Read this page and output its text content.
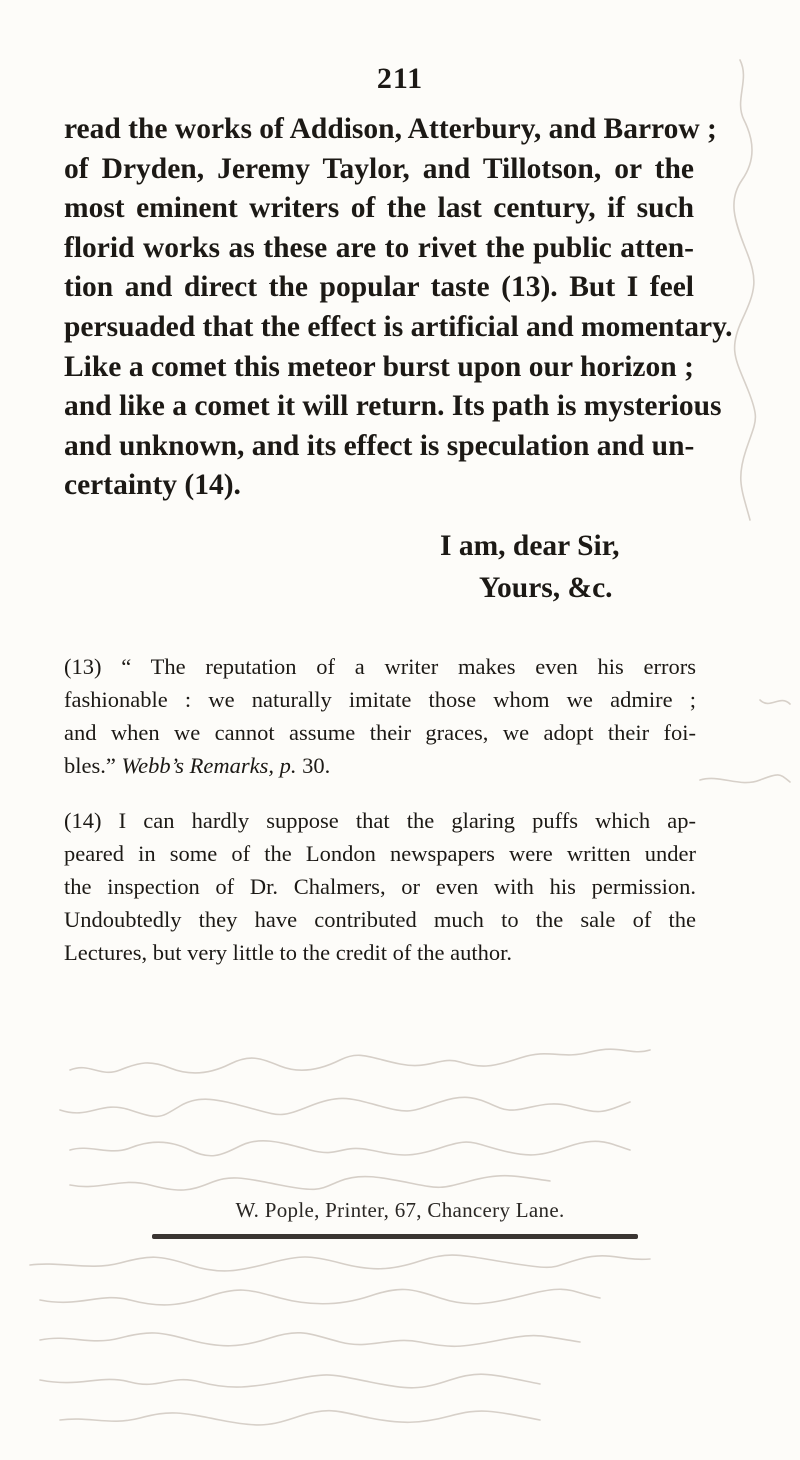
211
read the works of Addison, Atterbury, and Barrow ;
of Dryden, Jeremy Taylor, and Tillotson, or the
most eminent writers of the last century, if such
florid works as these are to rivet the public atten-
tion and direct the popular taste (13). But I feel
persuaded that the effect is artificial and momentary.
Like a comet this meteor burst upon our horizon ;
and like a comet it will return. Its path is mysterious
and unknown, and its effect is speculation and un-
certainty (14).
I am, dear Sir,
Yours, &c.
(13) “ The reputation of a writer makes even his errors
fashionable : we naturally imitate those whom we admire ;
and when we cannot assume their graces, we adopt their foi-
bles.” Webb’s Remarks, p. 30.
(14) I can hardly suppose that the glaring puffs which ap-
peared in some of the London newspapers were written under
the inspection of Dr. Chalmers, or even with his permission.
Undoubtedly they have contributed much to the sale of the
Lectures, but very little to the credit of the author.
W. Pople, Printer, 67, Chancery Lane.
